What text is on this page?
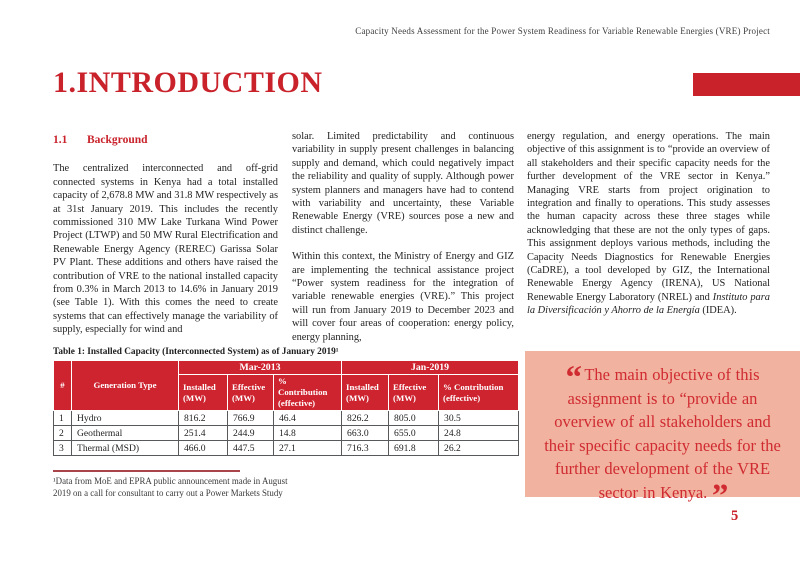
Capacity Needs Assessment for the Power System Readiness for Variable Renewable Energies (VRE) Project
1.INTRODUCTION
1.1	Background

The centralized interconnected and off-grid connected systems in Kenya had a total installed capacity of 2,678.8 MW and 31.8 MW respectively as at 31st January 2019. This includes the recently commissioned 310 MW Lake Turkana Wind Power Project (LTWP) and 50 MW Rural Electrification and Renewable Energy Agency (REREC) Garissa Solar PV Plant. These additions and others have raised the contribution of VRE to the national installed capacity from 0.3% in March 2013 to 14.6% in January 2019 (see Table 1). With this comes the need to create systems that can effectively manage the variability of supply, especially for wind and

solar. Limited predictability and continuous variability in supply present challenges in balancing supply and demand, which could negatively impact the reliability and quality of supply. Although power system planners and managers have had to contend with variability and uncertainty, these Variable Renewable Energy (VRE) sources pose a new and distinct challenge.

Within this context, the Ministry of Energy and GIZ are implementing the technical assistance project “Power system readiness for the integration of variable renewable energies (VRE).” This project will run from January 2019 to December 2023 and will cover four areas of cooperation: energy policy, energy planning,

energy regulation, and energy operations. The main objective of this assignment is to “provide an overview of all stakeholders and their specific capacity needs for the further development of the VRE sector in Kenya.” Managing VRE starts from project origination to integration and finally to operations. This study assesses the human capacity across these three stages while acknowledging that these are not the only types of gaps. This assignment deploys various methods, including the Capacity Needs Diagnostics for Renewable Energies (CaDRE), a tool developed by GIZ, the International Renewable Energy Agency (IRENA), US National Renewable Energy Laboratory (NREL) and Instituto para la Diversificación y Ahorro de la Energía (IDEA).

Table 1: Installed Capacity (Interconnected System) as of January 2019¹
#	Generation Type	Mar-2013			Jan-2019		
		Installed (MW)	Effective (MW)	% Contribution (effective)	Installed (MW)	Effective (MW)	% Contribution (effective)
1	Hydro	816.2	766.9	46.4	826.2	805.0	30.5
2	Geothermal	251.4	244.9	14.8	663.0	655.0	24.8
3	Thermal (MSD)	466.0	447.5	27.1	716.3	691.8	26.2
¹Data from MoE and EPRA public announcement made in August 2019 on a call for consultant to carry out a Power Markets Study
“ The main objective of this assignment is to “provide an overview of all stakeholders and their specific capacity needs for the further development of the VRE sector in Kenya. ”
5
